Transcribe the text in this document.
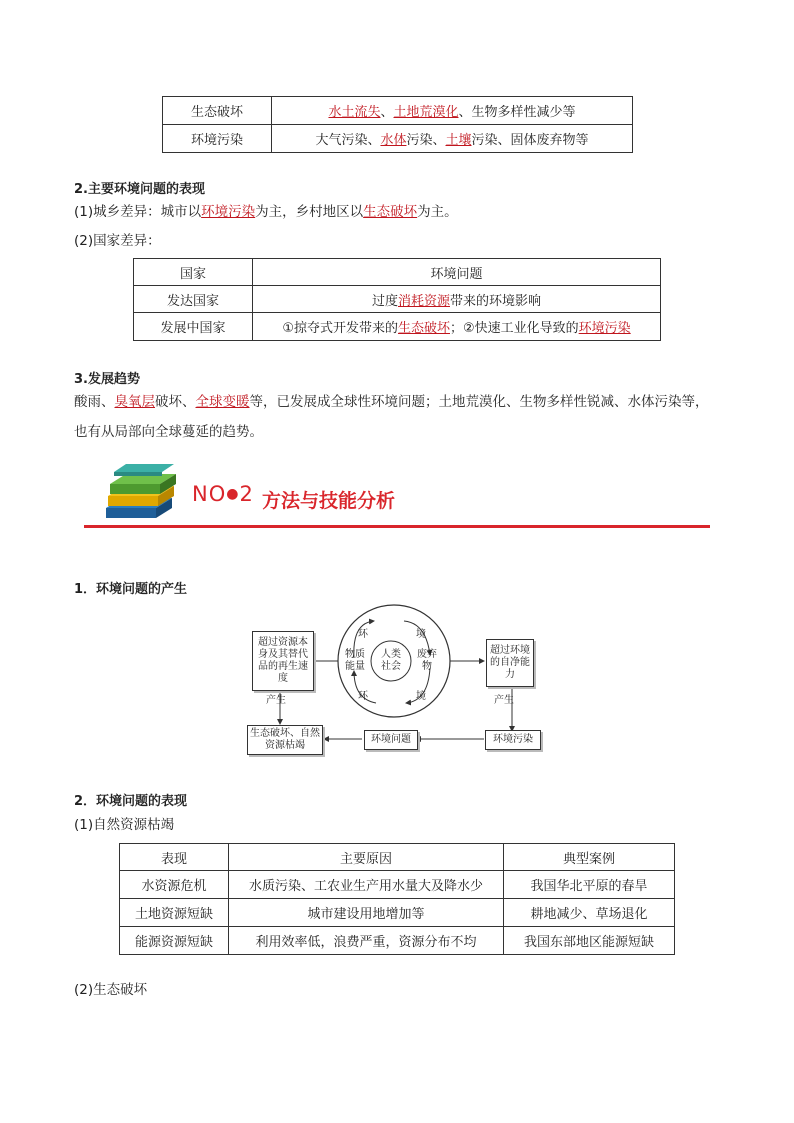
生态破坏	水土流失、土地荒漠化、生物多样性减少等
环境污染	大气污染、水体污染、土壤污染、固体废弃物等
2.主要环境问题的表现
(1)城乡差异：城市以环境污染为主，乡村地区以生态破坏为主。
(2)国家差异：
国家	环境问题
发达国家	过度消耗资源带来的环境影响
发展中国家	①掠夺式开发带来的生态破坏；②快速工业化导致的环境污染
3.发展趋势
酸雨、臭氧层破坏、全球变暖等，已发展成全球性环境问题；土地荒漠化、生物多样性锐减、水体污染等，
也有从局部向全球蔓延的趋势。
NO●2 方法与技能分析
1．环境问题的产生
超过资源本身及其替代品的再生速度
超过环境的自净能力
生态破坏、自然资源枯竭
环境问题	环境污染
环	境
环	境
物质能量
废弃物
人类社会
产生	产生
2．环境问题的表现
(1)自然资源枯竭
表现	主要原因	典型案例
水资源危机	水质污染、工农业生产用水量大及降水少	我国华北平原的春旱
土地资源短缺	城市建设用地增加等	耕地减少、草场退化
能源资源短缺	利用效率低，浪费严重，资源分布不均	我国东部地区能源短缺
(2)生态破坏
